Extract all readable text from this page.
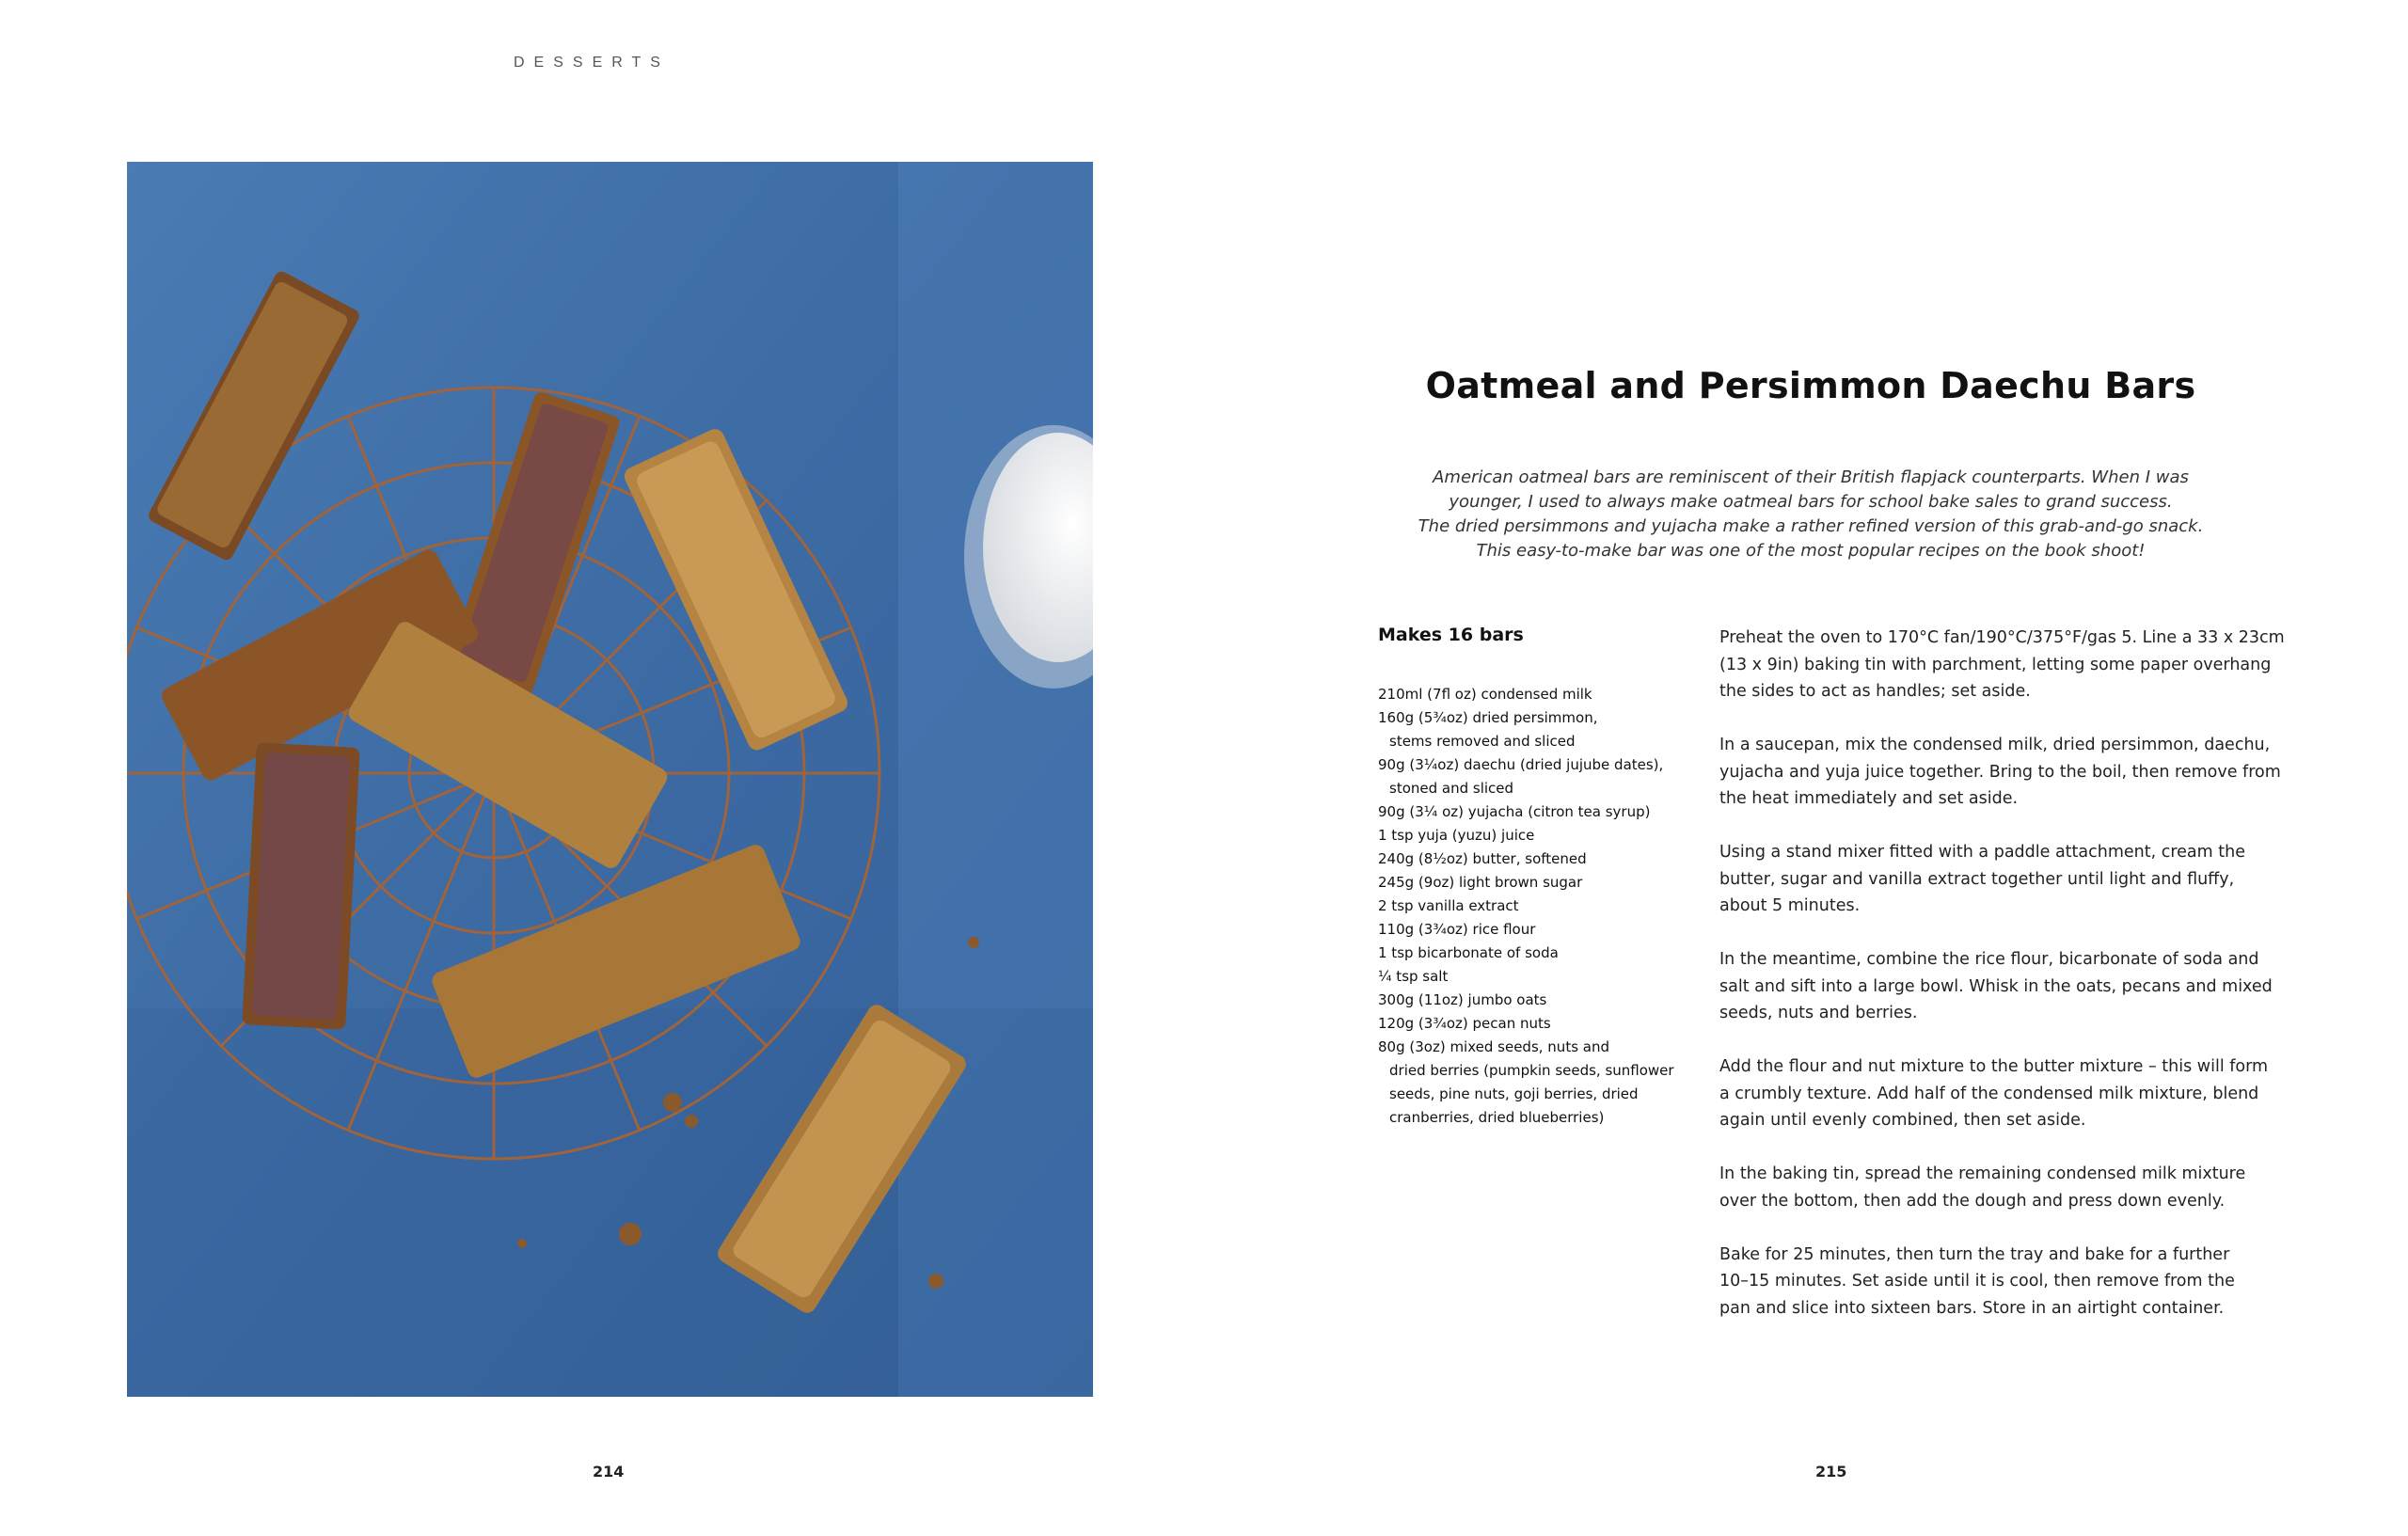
DESSERTS
214
Oatmeal and Persimmon Daechu Bars

American oatmeal bars are reminiscent of their British flapjack counterparts. When I was

younger, I used to always make oatmeal bars for school bake sales to grand success.

The dried persimmons and yujacha make a rather refined version of this grab-and-go snack.

This easy-to-make bar was one of the most popular recipes on the book shoot!

Makes 16 bars
210ml (7fl oz) condensed milk
160g (5¾oz) dried persimmon,
stems removed and sliced
90g (3¼oz) daechu (dried jujube dates),
stoned and sliced
90g (3¼ oz) yujacha (citron tea syrup)
1 tsp yuja (yuzu) juice
240g (8½oz) butter, softened
245g (9oz) light brown sugar
2 tsp vanilla extract
110g (3¾oz) rice flour
1 tsp bicarbonate of soda
¼ tsp salt
300g (11oz) jumbo oats
120g (3¾oz) pecan nuts
80g (3oz) mixed seeds, nuts and
dried berries (pumpkin seeds, sunflower
seeds, pine nuts, goji berries, dried
cranberries, dried blueberries)

Preheat the oven to 170°C fan/190°C/375°F/gas 5. Line a 33 x 23cm
(13 x 9in) baking tin with parchment, letting some paper overhang
the sides to act as handles; set aside.

In a saucepan, mix the condensed milk, dried persimmon, daechu,
yujacha and yuja juice together. Bring to the boil, then remove from
the heat immediately and set aside.

Using a stand mixer fitted with a paddle attachment, cream the
butter, sugar and vanilla extract together until light and fluffy,
about 5 minutes.

In the meantime, combine the rice flour, bicarbonate of soda and
salt and sift into a large bowl. Whisk in the oats, pecans and mixed
seeds, nuts and berries.

Add the flour and nut mixture to the butter mixture – this will form
a crumbly texture. Add half of the condensed milk mixture, blend
again until evenly combined, then set aside.

In the baking tin, spread the remaining condensed milk mixture
over the bottom, then add the dough and press down evenly.

Bake for 25 minutes, then turn the tray and bake for a further
10–15 minutes. Set aside until it is cool, then remove from the
pan and slice into sixteen bars. Store in an airtight container.

215
